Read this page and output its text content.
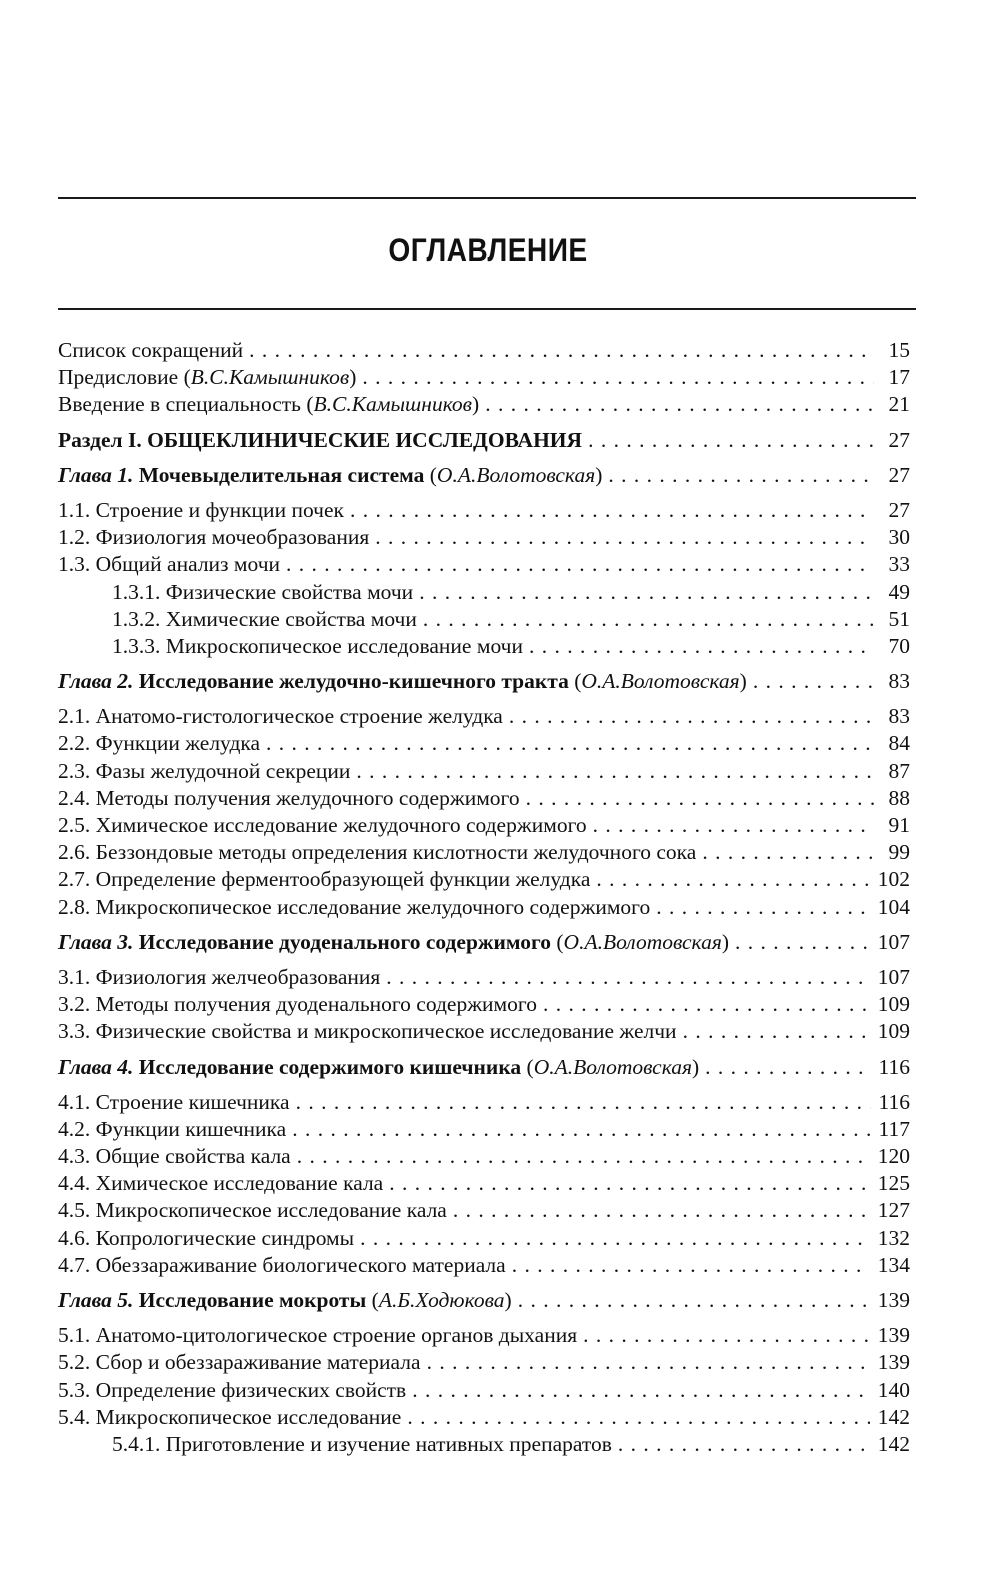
ОГЛАВЛЕНИЕ
Список сокращений . . .	15
Предисловие (В.С.Камышников) . . .	17
Введение в специальность (В.С.Камышников) . . .	21
Раздел I. ОБЩЕКЛИНИЧЕСКИЕ ИССЛЕДОВАНИЯ . . .	27
Глава 1. Мочевыделительная система (О.А.Волотовская) . . .	27
1.1. Строение и функции почек . . .	27
1.2. Физиология мочеобразования . . .	30
1.3. Общий анализ мочи . . .	33
1.3.1. Физические свойства мочи . . .	49
1.3.2. Химические свойства мочи . . .	51
1.3.3. Микроскопическое исследование мочи . . .	70
Глава 2. Исследование желудочно-кишечного тракта (О.А.Волотовская) . . .	83
2.1. Анатомо-гистологическое строение желудка . . .	83
2.2. Функции желудка . . .	84
2.3. Фазы желудочной секреции . . .	87
2.4. Методы получения желудочного содержимого . . .	88
2.5. Химическое исследование желудочного содержимого . . .	91
2.6. Беззондовые методы определения кислотности желудочного сока . . .	99
2.7. Определение ферментообразующей функции желудка . . .	102
2.8. Микроскопическое исследование желудочного содержимого . . .	104
Глава 3. Исследование дуоденального содержимого (О.А.Волотовская) . . .	107
3.1. Физиология желчеобразования . . .	107
3.2. Методы получения дуоденального содержимого . . .	109
3.3. Физические свойства и микроскопическое исследование желчи . . .	109
Глава 4. Исследование содержимого кишечника (О.А.Волотовская) . . .	116
4.1. Строение кишечника . . .	116
4.2. Функции кишечника . . .	117
4.3. Общие свойства кала . . .	120
4.4. Химическое исследование кала . . .	125
4.5. Микроскопическое исследование кала . . .	127
4.6. Копрологические синдромы . . .	132
4.7. Обеззараживание биологического материала . . .	134
Глава 5. Исследование мокроты (А.Б.Ходюкова) . . .	139
5.1. Анатомо-цитологическое строение органов дыхания . . .	139
5.2. Сбор и обеззараживание материала . . .	139
5.3. Определение физических свойств . . .	140
5.4. Микроскопическое исследование . . .	142
5.4.1. Приготовление и изучение нативных препаратов . . .	142
